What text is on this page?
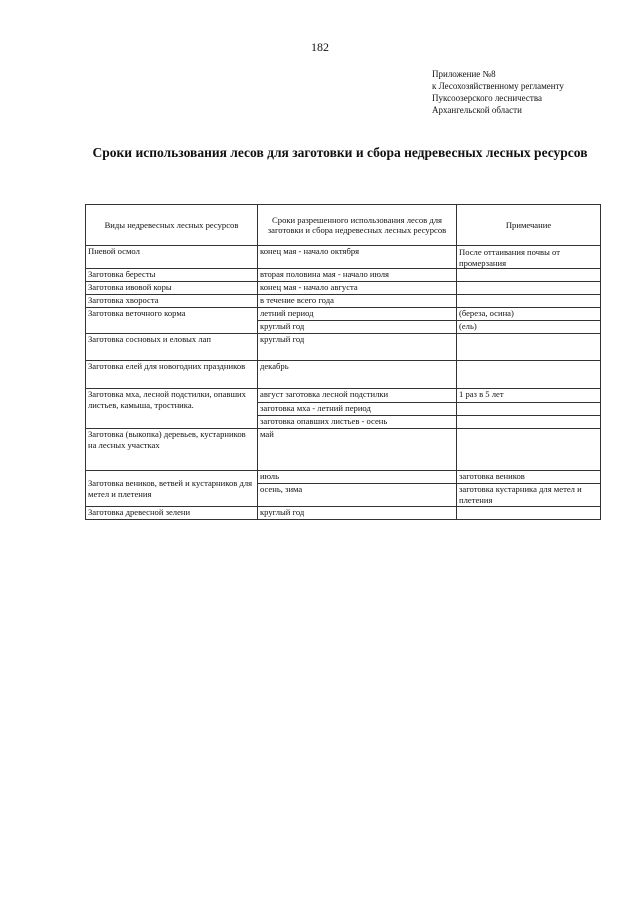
182
Приложение №8
к Лесохозяйственному регламенту
Пуксоозерского лесничества
Архангельской области
Сроки использования лесов для заготовки и сбора недревесных лесных ресурсов
Виды недревесных лесных ресурсов	Сроки разрешенного использования лесов для заготовки и сбора недревесных лесных ресурсов	Примечание
Пневой осмол	конец мая - начало октября	После оттаивания почвы от промерзания
Заготовка бересты	вторая половина мая - начало июля	
Заготовка ивовой коры	конец мая - начало августа	
Заготовка хвороста	в течение всего года	
Заготовка веточного корма	летний период	(береза, осина)
	круглый год	(ель)
Заготовка сосновых и еловых лап	круглый год	
Заготовка елей для новогодних праздников	декабрь	
Заготовка мха, лесной подстилки, опавших листьев, камыша, тростника.	август заготовка лесной подстилки	1 раз в 5 лет
	заготовка мха - летний период	
	заготовка опавших листьев - осень	
Заготовка (выкопка) деревьев, кустарников на лесных участках	май	
Заготовка веников, ветвей и кустарников для метел и плетения	июль	заготовка веников
	осень, зима	заготовка кустарника для метел и плетения
Заготовка древесной зелени	круглый год	
